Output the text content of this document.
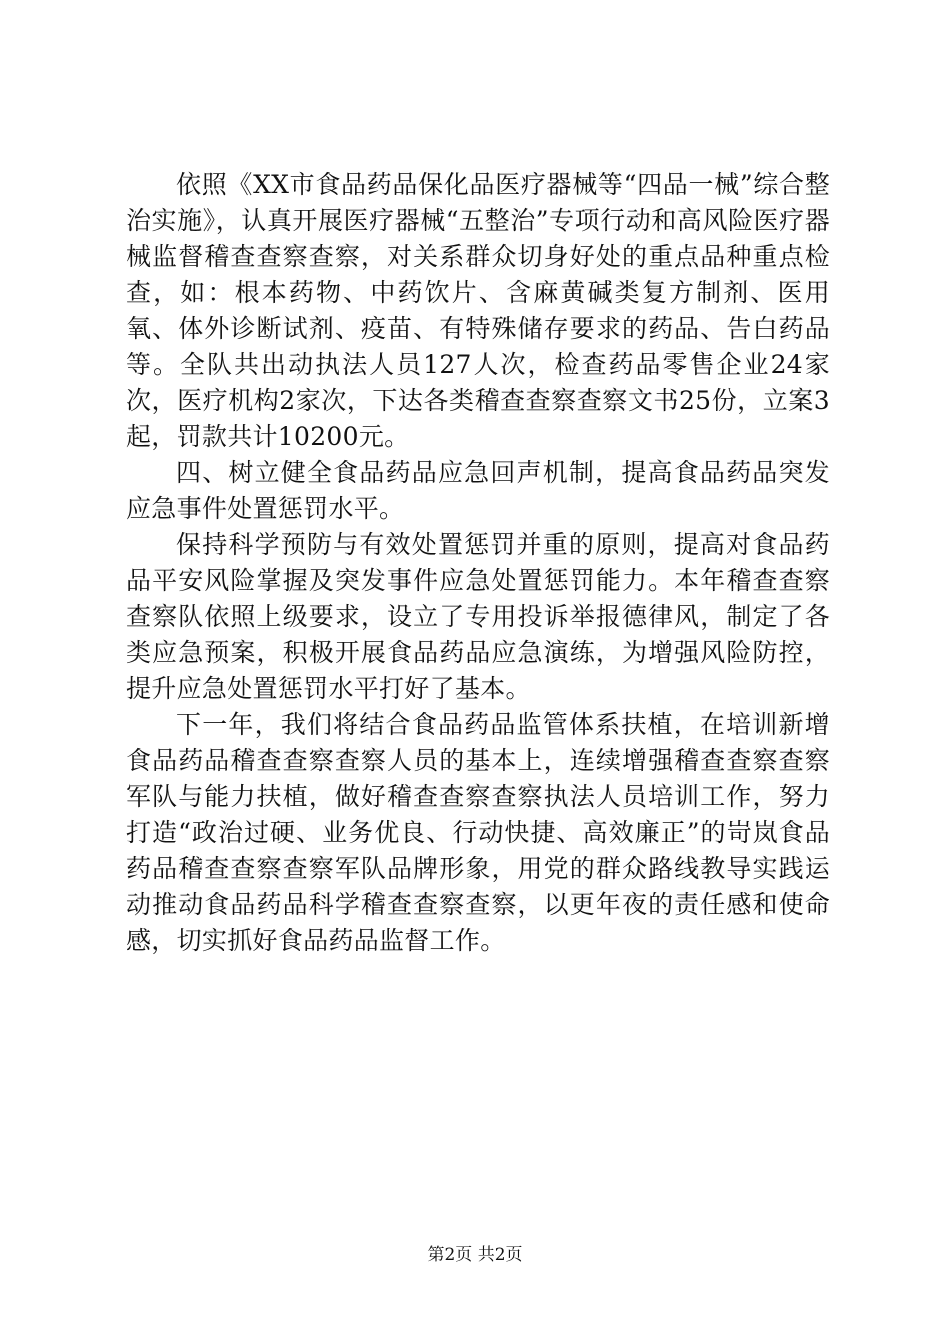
依照《XX市食品药品保化品医疗器械等“四品一械”综合整治实施》，认真开展医疗器械“五整治”专项行动和高风险医疗器械监督稽查查察查察，对关系群众切身好处的重点品种重点检查，如：根本药物、中药饮片、含麻黄碱类复方制剂、医用氧、体外诊断试剂、疫苗、有特殊储存要求的药品、告白药品等。全队共出动执法人员127人次，检查药品零售企业24家次，医疗机构2家次，下达各类稽查查察查察文书25份，立案3起，罚款共计10200元。

四、树立健全食品药品应急回声机制，提高食品药品突发应急事件处置惩罚水平。

保持科学预防与有效处置惩罚并重的原则，提高对食品药品平安风险掌握及突发事件应急处置惩罚能力。本年稽查查察查察队依照上级要求，设立了专用投诉举报德律风，制定了各类应急预案，积极开展食品药品应急演练，为增强风险防控，提升应急处置惩罚水平打好了基本。

下一年，我们将结合食品药品监管体系扶植，在培训新增食品药品稽查查察查察人员的基本上，连续增强稽查查察查察军队与能力扶植，做好稽查查察查察执法人员培训工作，努力打造“政治过硬、业务优良、行动快捷、高效廉正”的岢岚食品药品稽查查察查察军队品牌形象，用党的群众路线教导实践运动推动食品药品科学稽查查察查察，以更年夜的责任感和使命感，切实抓好食品药品监督工作。

第2页 共2页
